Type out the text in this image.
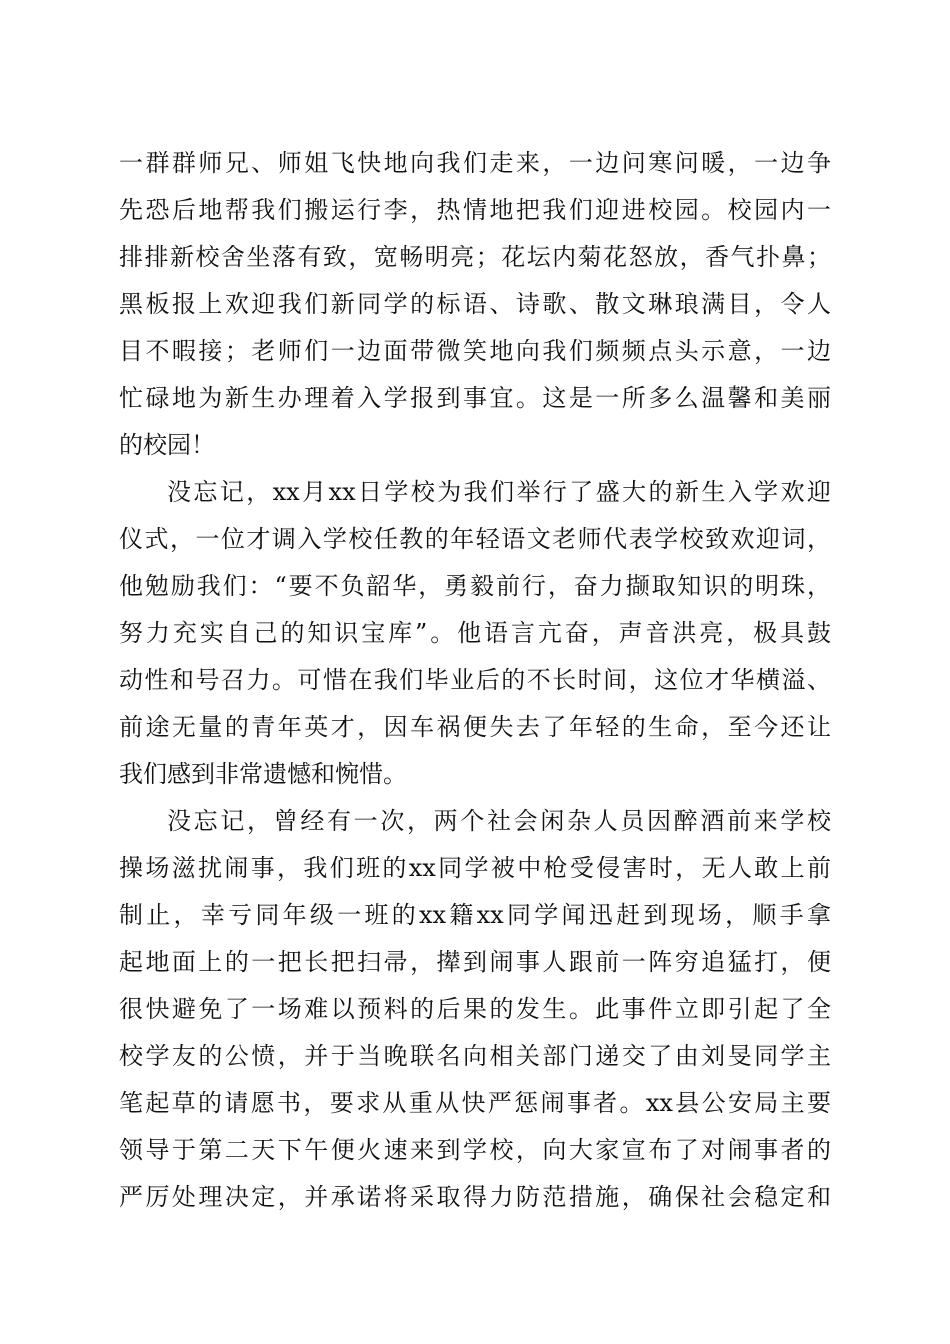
一群群师兄、师姐飞快地向我们走来，一边问寒问暖，一边争
先恐后地帮我们搬运行李，热情地把我们迎进校园。校园内一
排排新校舍坐落有致，宽畅明亮；花坛内菊花怒放，香气扑鼻；
黑板报上欢迎我们新同学的标语、诗歌、散文琳琅满目，令人
目不暇接；老师们一边面带微笑地向我们频频点头示意，一边
忙碌地为新生办理着入学报到事宜。这是一所多么温馨和美丽
的校园！

没忘记，xx月xx日学校为我们举行了盛大的新生入学欢迎
仪式，一位才调入学校任教的年轻语文老师代表学校致欢迎词，
他勉励我们：“要不负韶华，勇毅前行，奋力撷取知识的明珠，
努力充实自己的知识宝库”。他语言亢奋，声音洪亮，极具鼓
动性和号召力。可惜在我们毕业后的不长时间，这位才华横溢、
前途无量的青年英才，因车祸便失去了年轻的生命，至今还让
我们感到非常遗憾和惋惜。

没忘记，曾经有一次，两个社会闲杂人员因醉酒前来学校
操场滋扰闹事，我们班的xx同学被中枪受侵害时，无人敢上前
制止，幸亏同年级一班的xx籍xx同学闻迅赶到现场，顺手拿
起地面上的一把长把扫帚，撵到闹事人跟前一阵穷追猛打，便
很快避免了一场难以预料的后果的发生。此事件立即引起了全
校学友的公愤，并于当晚联名向相关部门递交了由刘旻同学主
笔起草的请愿书，要求从重从快严惩闹事者。xx县公安局主要
领导于第二天下午便火速来到学校，向大家宣布了对闹事者的
严厉处理决定，并承诺将采取得力防范措施，确保社会稳定和
